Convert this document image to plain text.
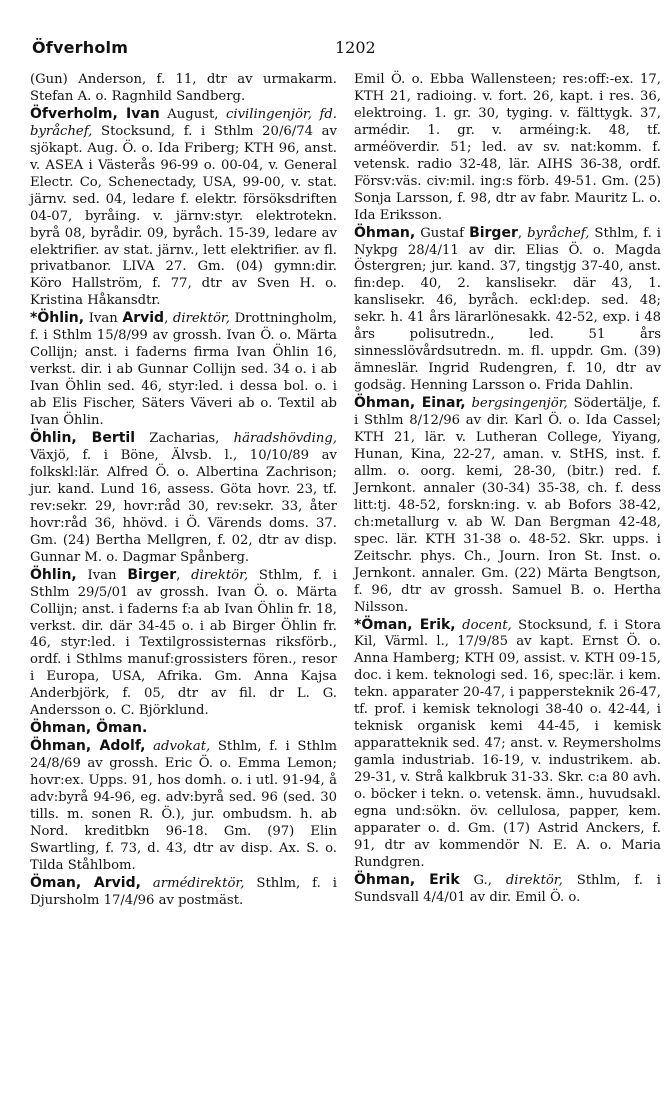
Öfverholm	1202

(Gun) Anderson, f. 11, dtr av urmakarm. Stefan A. o. Ragnhild Sandberg.

Öfverholm, Ivan August, civilingenjör, fd. byråchef, Stocksund, f. i Sthlm 20/6/74 av sjökapt. Aug. Ö. o. Ida Friberg; KTH 96, anst. v. ASEA i Västerås 96-99 o. 00-04, v. General Electr. Co, Schenectady, USA, 99-00, v. stat. järnv. sed. 04, ledare f. elektr. försöksdriften 04-07, byråing. v. järnv:styr. elektrotekn. byrå 08, byrådir. 09, byråch. 15-39, ledare av elektrifier. av stat. järnv., lett elektrifier. av fl. privatbanor. LIVA 27. Gm. (04) gymn:dir. Köro Hallström, f. 77, dtr av Sven H. o. Kristina Håkansdtr.

*Öhlin, Ivan Arvid, direktör, Drottningholm, f. i Sthlm 15/8/99 av grossh. Ivan Ö. o. Märta Collijn; anst. i faderns firma Ivan Öhlin 16, verkst. dir. i ab Gunnar Collijn sed. 34 o. i ab Ivan Öhlin sed. 46, styr:led. i dessa bol. o. i ab Elis Fischer, Säters Väveri ab o. Textil ab Ivan Öhlin.

Öhlin, Bertil Zacharias, häradshövding, Växjö, f. i Böne, Älvsb. l., 10/10/89 av folkskl:lär. Alfred Ö. o. Albertina Zachrison; jur. kand. Lund 16, assess. Göta hovr. 23, tf. rev:sekr. 29, hovr:råd 30, rev:sekr. 33, åter hovr:råd 36, hhövd. i Ö. Värends doms. 37. Gm. (24) Bertha Mellgren, f. 02, dtr av disp. Gunnar M. o. Dagmar Spånberg.

Öhlin, Ivan Birger, direktör, Sthlm, f. i Sthlm 29/5/01 av grossh. Ivan Ö. o. Märta Collijn; anst. i faderns f:a ab Ivan Öhlin fr. 18, verkst. dir. där 34-45 o. i ab Birger Öhlin fr. 46, styr:led. i Textilgrossisternas riksförb., ordf. i Sthlms manuf:grossisters fören., resor i Europa, USA, Afrika. Gm. Anna Kajsa Anderbjörk, f. 05, dtr av fil. dr L. G. Andersson o. C. Björklund.

Öhman, Öman.

Öhman, Adolf, advokat, Sthlm, f. i Sthlm 24/8/69 av grossh. Eric Ö. o. Emma Lemon; hovr:ex. Upps. 91, hos domh. o. i utl. 91-94, å adv:byrå 94-96, eg. adv:byrå sed. 96 (sed. 30 tills. m. sonen R. Ö.), jur. ombudsm. h. ab Nord. kreditbkn 96-18. Gm. (97) Elin Swartling, f. 73, d. 43, dtr av disp. Ax. S. o. Tilda Ståhlbom.

Öman, Arvid, armédirektör, Sthlm, f. i Djursholm 17/4/96 av postmäst.

Emil Ö. o. Ebba Wallensteen; res:off:-ex. 17, KTH 21, radioing. v. fort. 26, kapt. i res. 36, elektroing. 1. gr. 30, tyging. v. fälttygk. 37, armédir. 1. gr. v. arméing:k. 48, tf. arméöverdir. 51; led. av sv. nat:komm. f. vetensk. radio 32-48, lär. AIHS 36-38, ordf. Försv:väs. civ:mil. ing:s förb. 49-51. Gm. (25) Sonja Larsson, f. 98, dtr av fabr. Mauritz L. o. Ida Eriksson.

Öhman, Gustaf Birger, byråchef, Sthlm, f. i Nykpg 28/4/11 av dir. Elias Ö. o. Magda Östergren; jur. kand. 37, tingstjg 37-40, anst. fin:dep. 40, 2. kanslisekr. där 43, 1. kanslisekr. 46, byråch. eckl:dep. sed. 48; sekr. h. 41 års lärarlönesakk. 42-52, exp. i 48 års polisutredn., led. 51 års sinnesslövårdsutredn. m. fl. uppdr. Gm. (39) ämneslär. Ingrid Rudengren, f. 10, dtr av godsäg. Henning Larsson o. Frida Dahlin.

Öhman, Einar, bergsingenjör, Södertälje, f. i Sthlm 8/12/96 av dir. Karl Ö. o. Ida Cassel; KTH 21, lär. v. Lutheran College, Yiyang, Hunan, Kina, 22-27, aman. v. StHS, inst. f. allm. o. oorg. kemi, 28-30, (bitr.) red. f. Jernkont. annaler (30-34) 35-38, ch. f. dess litt:tj. 48-52, forskn:ing. v. ab Bofors 38-42, ch:metallurg v. ab W. Dan Bergman 42-48, spec. lär. KTH 31-38 o. 48-52. Skr. upps. i Zeitschr. phys. Ch., Journ. Iron St. Inst. o. Jernkont. annaler. Gm. (22) Märta Bengtson, f. 96, dtr av grossh. Samuel B. o. Hertha Nilsson.

*Öman, Erik, docent, Stocksund, f. i Stora Kil, Värml. l., 17/9/85 av kapt. Ernst Ö. o. Anna Hamberg; KTH 09, assist. v. KTH 09-15, doc. i kem. teknologi sed. 16, spec:lär. i kem. tekn. apparater 20-47, i pappersteknik 26-47, tf. prof. i kemisk teknologi 38-40 o. 42-44, i teknisk organisk kemi 44-45, i kemisk apparatteknik sed. 47; anst. v. Reymersholms gamla industriab. 16-19, v. industrikem. ab. 29-31, v. Strå kalkbruk 31-33. Skr. c:a 80 avh. o. böcker i tekn. o. vetensk. ämn., huvudsakl. egna und:sökn. öv. cellulosa, papper, kem. apparater o. d. Gm. (17) Astrid Anckers, f. 91, dtr av kommendör N. E. A. o. Maria Rundgren.

Öhman, Erik G., direktör, Sthlm, f. i Sundsvall 4/4/01 av dir. Emil Ö. o.
